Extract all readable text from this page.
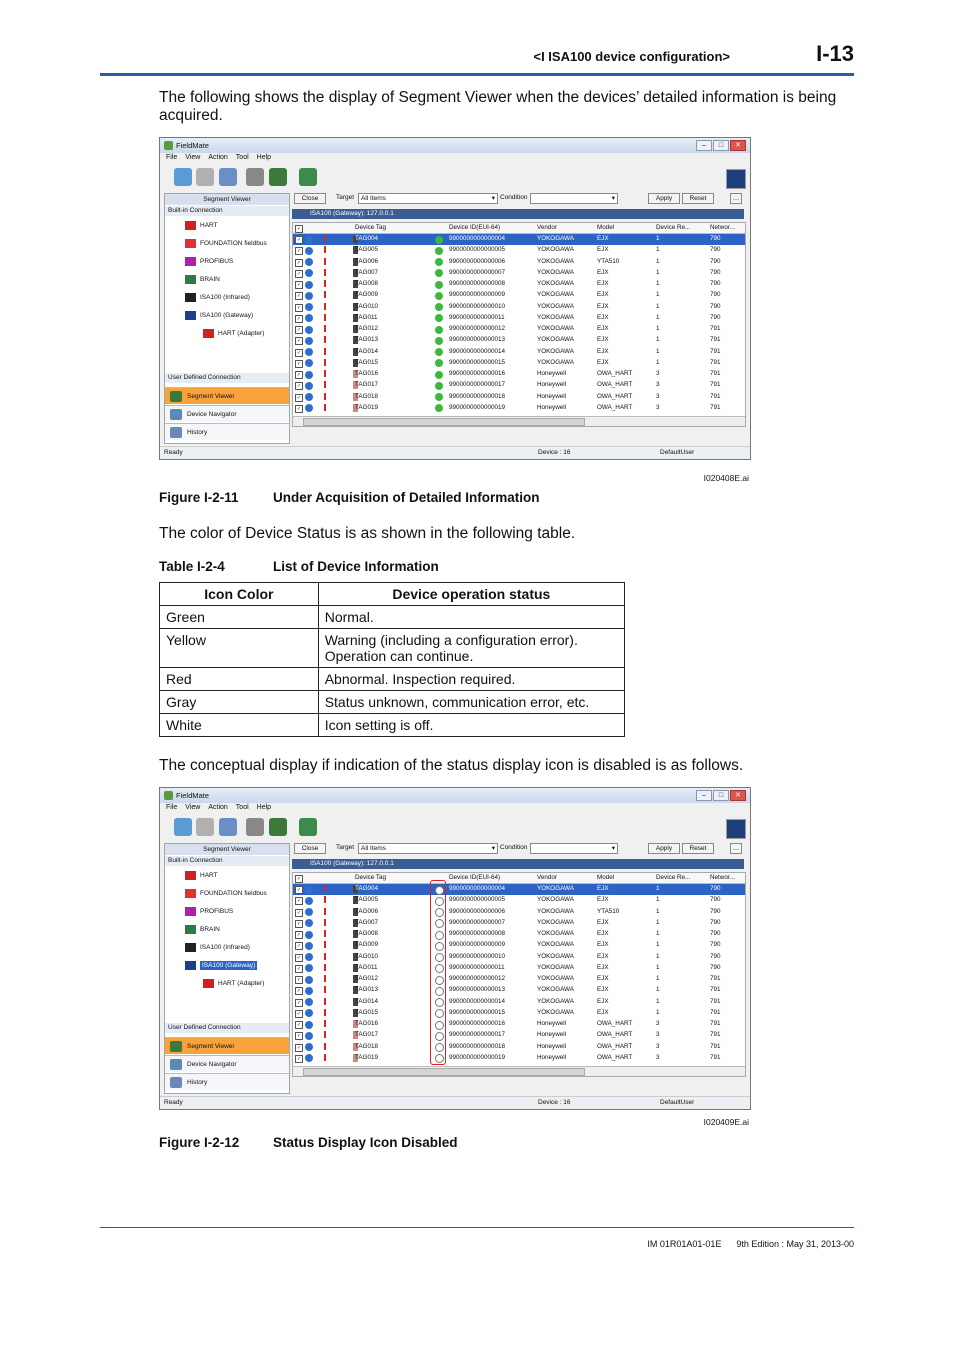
<I ISA100 device configuration>	I-13
The following shows the display of Segment Viewer when the devices’ detailed information is being acquired.
FieldMate	– □ ✕
File View Action Tool Help
Segment Viewer
Built-in Connection
HART
FOUNDATION fieldbus
PROFIBUS
BRAIN
ISA100 (Infrared)
ISA100 (Gateway)
HART (Adapter)
User Defined Connection
Segment Viewer
Device Navigator
History
Close	Target	All Items	▾ Condition	▾	Apply	Reset	…
ISA100 (Gateway): 127.0.0.1
✓	Device Tag	Device ID(EUI-64)	Vendor	Model	Device Re...	Networ...
✓	TAG004	9900000000000004	YOKOGAWA	EJX	1	790
✓	TAG005	9900000000000005	YOKOGAWA	EJX	1	790
✓	TAG006	9900000000000006	YOKOGAWA	YTA510	1	790
✓	TAG007	9900000000000007	YOKOGAWA	EJX	1	790
✓	TAG008	9900000000000008	YOKOGAWA	EJX	1	790
✓	TAG009	9900000000000009	YOKOGAWA	EJX	1	790
✓	TAG010	9900000000000010	YOKOGAWA	EJX	1	790
✓	TAG011	9900000000000011	YOKOGAWA	EJX	1	790
✓	TAG012	9900000000000012	YOKOGAWA	EJX	1	791
✓	TAG013	9900000000000013	YOKOGAWA	EJX	1	791
✓	TAG014	9900000000000014	YOKOGAWA	EJX	1	791
✓	TAG015	9900000000000015	YOKOGAWA	EJX	1	791
✓	TAG016	9900000000000016	Honeywell	OWA_HART	3	791
✓	TAG017	9900000000000017	Honeywell	OWA_HART	3	791
✓	TAG018	9900000000000018	Honeywell	OWA_HART	3	791
✓	TAG019	9900000000000019	Honeywell	OWA_HART	3	791
Ready	Device : 16	DefaultUser
I020408E.ai
Figure I-2-11	Under Acquisition of Detailed Information
The color of Device Status is as shown in the following table.
Table I-2-4	List of Device Information
Icon Color	Device operation status
Green	Normal.
Yellow	Warning (including a configuration error). Operation can continue.
Red	Abnormal. Inspection required.
Gray	Status unknown, communication error, etc.
White	Icon setting is off.
The conceptual display if indication of the status display icon is disabled is as follows.
FieldMate	– □ ✕
File View Action Tool Help
Segment Viewer
Built-in Connection
HART
FOUNDATION fieldbus
PROFIBUS
BRAIN
ISA100 (Infrared)
ISA100 (Gateway)
HART (Adapter)
User Defined Connection
Segment Viewer
Device Navigator
History
Close	Target	All Items	▾ Condition	▾	Apply	Reset	…
ISA100 (Gateway): 127.0.0.1
✓	Device Tag	Device ID(EUI-64)	Vendor	Model	Device Re...	Networ...
✓	TAG004	9900000000000004	YOKOGAWA	EJX	1	790
✓	TAG005	9900000000000005	YOKOGAWA	EJX	1	790
✓	TAG006	9900000000000006	YOKOGAWA	YTA510	1	790
✓	TAG007	9900000000000007	YOKOGAWA	EJX	1	790
✓	TAG008	9900000000000008	YOKOGAWA	EJX	1	790
✓	TAG009	9900000000000009	YOKOGAWA	EJX	1	790
✓	TAG010	9900000000000010	YOKOGAWA	EJX	1	790
✓	TAG011	9900000000000011	YOKOGAWA	EJX	1	790
✓	TAG012	9900000000000012	YOKOGAWA	EJX	1	791
✓	TAG013	9900000000000013	YOKOGAWA	EJX	1	791
✓	TAG014	9900000000000014	YOKOGAWA	EJX	1	791
✓	TAG015	9900000000000015	YOKOGAWA	EJX	1	791
✓	TAG016	9900000000000016	Honeywell	OWA_HART	3	791
✓	TAG017	9900000000000017	Honeywell	OWA_HART	3	791
✓	TAG018	9900000000000018	Honeywell	OWA_HART	3	791
✓	TAG019	9900000000000019	Honeywell	OWA_HART	3	791
Ready	Device : 16	DefaultUser
I020409E.ai
Figure I-2-12 Status Display Icon Disabled
IM 01R01A01-01E 9th Edition : May 31, 2013-00
